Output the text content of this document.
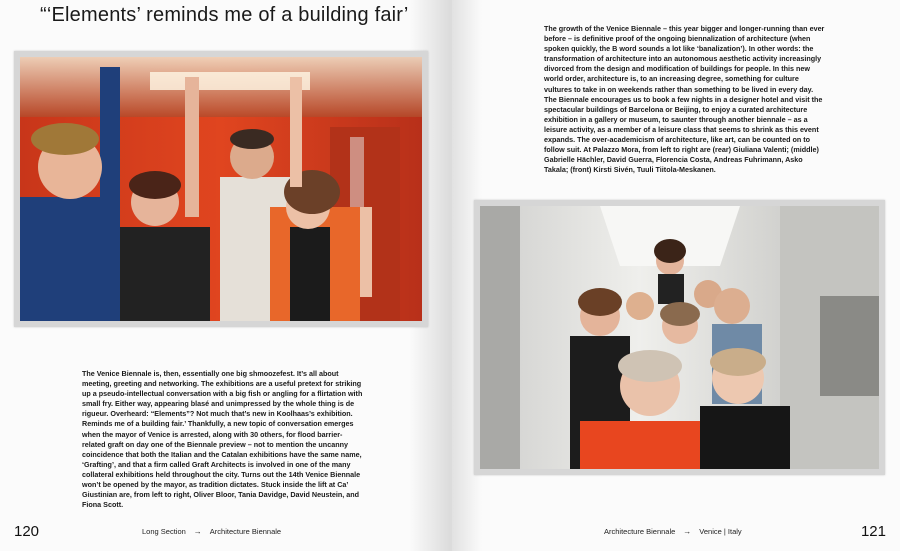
“‘Elements’ reminds me of a building fair’
The Venice Biennale is, then, essentially one big shmoozefest. It’s all about meeting, greeting and networking. The exhibitions are a useful pretext for striking up a pseudo-intellectual conversation with a big fish or angling for a flirtation with small fry. Either way, appearing blasé and unimpressed by the whole thing is de rigueur. Overheard: “Elements”? Not much that’s new in Koolhaas’s exhibition. Reminds me of a building fair.’ Thankfully, a new topic of conversation emerges when the mayor of Venice is arrested, along with 30 others, for flood barrier-related graft on day one of the Biennale preview – not to mention the uncanny coincidence that both the Italian and the Catalan exhibitions have the same name, ‘Grafting’, and that a firm called Graft Architects is involved in one of the many collateral exhibitions held throughout the city. Turns out the 14th Venice Biennale won’t be opened by the mayor, as tradition dictates. Stuck inside the lift at Ca’ Giustinian are, from left to right, Oliver Bloor, Tania Davidge, David Neustein, and Fiona Scott.
120	Long Section → Architecture Biennale
The growth of the Venice Biennale – this year bigger and longer-running than ever before – is definitive proof of the ongoing biennalization of architecture (when spoken quickly, the B word sounds a lot like ‘banalization’). In other words: the transformation of architecture into an autonomous aesthetic activity increasingly divorced from the design and modification of buildings for people. In this new world order, architecture is, to an increasing degree, something for culture vultures to take in on weekends rather than something to be lived in every day. The Biennale encourages us to book a few nights in a designer hotel and visit the spectacular buildings of Barcelona or Beijing, to enjoy a curated architecture exhibition in a gallery or museum, to saunter through another biennale – as a leisure activity, as a member of a leisure class that seems to shrink as this event expands. The over-academicism of architecture, like art, can be counted on to follow suit. At Palazzo Mora, from left to right are (rear) Giuliana Valenti; (middle) Gabrielle Hächler, David Guerra, Florencia Costa, Andreas Fuhrimann, Asko Takala; (front) Kirsti Sivén, Tuuli Tiitola-Meskanen.
Architecture Biennale → Venice | Italy	121
